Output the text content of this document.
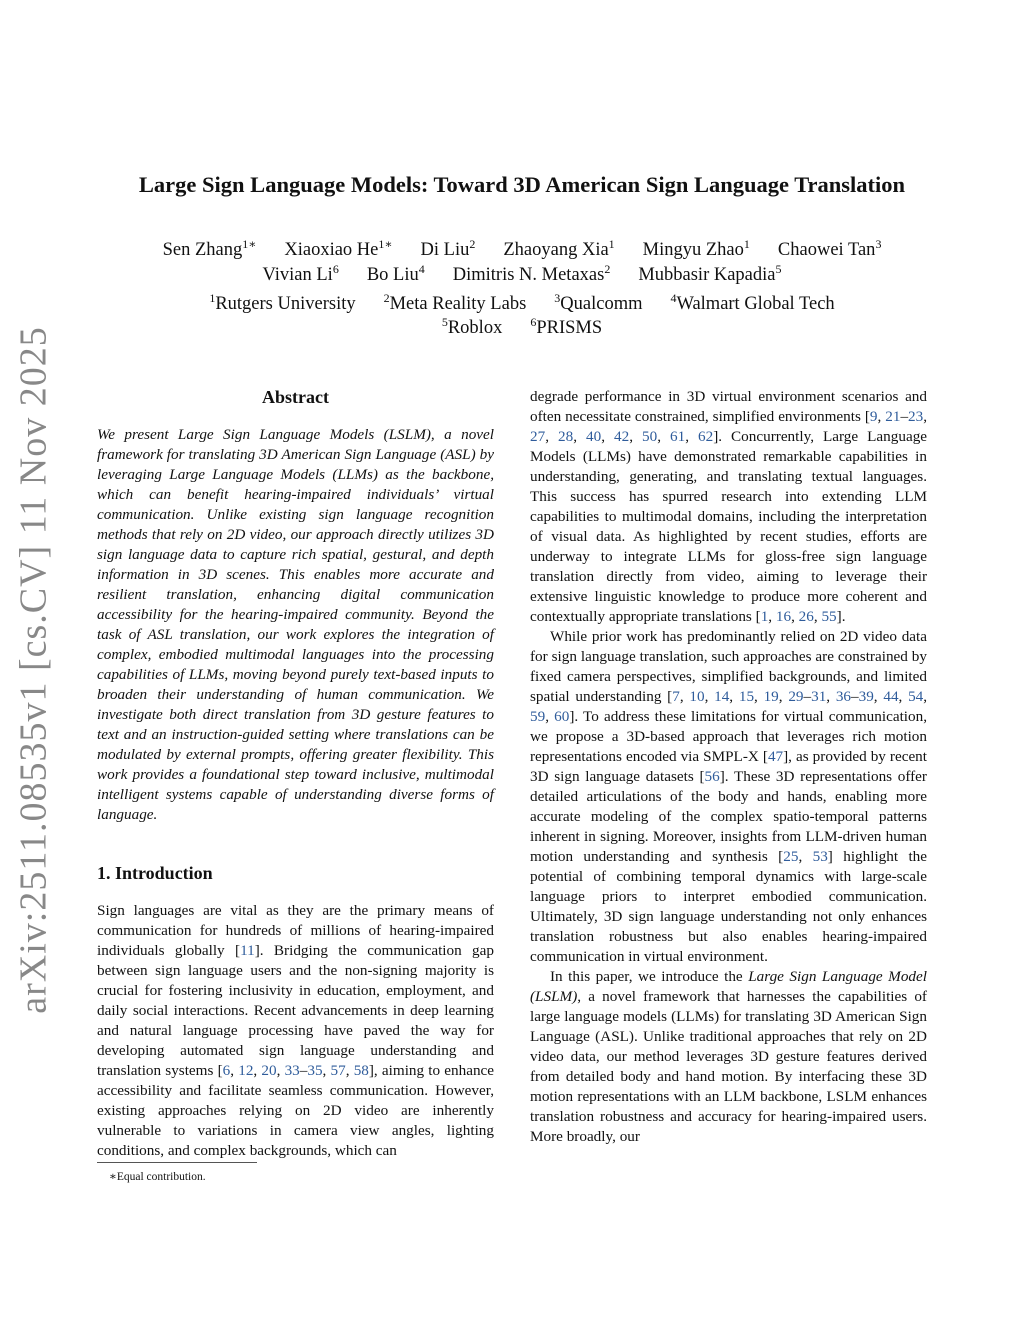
arXiv:2511.08535v1 [cs.CV] 11 Nov 2025
Large Sign Language Models: Toward 3D American Sign Language Translation
Sen Zhang$^{1∗}$ Xiaoxiao $He^{1∗}$ Di Liu$^2$ Zhaoyang Xia$^1$ Mingyu Zhao$^1$ Chaowei Tan$^3$
Vivian Li$^6$ Bo Liu$^4$ Dimitris N. Metaxas$^2$ Mubbasir Kapadia$^5$
$^1$Rutgers University $^2$Meta Reality Labs $^3$Qualcomm $^4$Walmart Global Tech
$^5$Roblox $^6$PRISMS
Abstract

We present Large Sign Language Models (LSLM), a novel framework for translating 3D American Sign Language (ASL) by leveraging Large Language Models (LLMs) as the backbone, which can benefit hearing-impaired individuals’ virtual communication. Unlike existing sign language recognition methods that rely on 2D video, our approach directly utilizes 3D sign language data to capture rich spatial, gestural, and depth information in 3D scenes. This enables more accurate and resilient translation, enhancing digital communication accessibility for the hearing-impaired community. Beyond the task of ASL translation, our work explores the integration of complex, embodied multimodal languages into the processing capabilities of LLMs, moving beyond purely text-based inputs to broaden their understanding of human communication. We investigate both direct translation from 3D gesture features to text and an instruction-guided setting where translations can be modulated by external prompts, offering greater flexibility. This work provides a foundational step toward inclusive, multimodal intelligent systems capable of understanding diverse forms of language.

1. Introduction

Sign languages are vital as they are the primary means of communication for hundreds of millions of hearing-impaired individuals globally [11]. Bridging the communication gap between sign language users and the non-signing majority is crucial for fostering inclusivity in education, employment, and daily social interactions. Recent advancements in deep learning and natural language processing have paved the way for developing automated sign language understanding and translation systems [6, 12, 20, 33–35, 57, 58], aiming to enhance accessibility and facilitate seamless communication. However, existing approaches relying on 2D video are inherently vulnerable to variations in camera view angles, lighting conditions, and complex backgrounds, which can

∗Equal contribution.

degrade performance in 3D virtual environment scenarios and often necessitate constrained, simplified environments [9, 21–23, 27, 28, 40, 42, 50, 61, 62]. Concurrently, Large Language Models (LLMs) have demonstrated remarkable capabilities in understanding, generating, and translating textual languages. This success has spurred research into extending LLM capabilities to multimodal domains, including the interpretation of visual data. As highlighted by recent studies, efforts are underway to integrate LLMs for gloss-free sign language translation directly from video, aiming to leverage their extensive linguistic knowledge to produce more coherent and contextually appropriate translations [1, 16, 26, 55].

While prior work has predominantly relied on 2D video data for sign language translation, such approaches are constrained by fixed camera perspectives, simplified backgrounds, and limited spatial understanding [7, 10, 14, 15, 19, 29–31, 36–39, 44, 54, 59, 60]. To address these limitations for virtual communication, we propose a 3D-based approach that leverages rich motion representations encoded via SMPL-X [47], as provided by recent 3D sign language datasets [56]. These 3D representations offer detailed articulations of the body and hands, enabling more accurate modeling of the complex spatio-temporal patterns inherent in signing. Moreover, insights from LLM-driven human motion understanding and synthesis [25, 53] highlight the potential of combining temporal dynamics with large-scale language priors to interpret embodied communication. Ultimately, 3D sign language understanding not only enhances translation robustness but also enables hearing-impaired communication in virtual environment.

In this paper, we introduce the Large Sign Language Model (LSLM), a novel framework that harnesses the capabilities of large language models (LLMs) for translating 3D American Sign Language (ASL). Unlike traditional approaches that rely on 2D video data, our method leverages 3D gesture features derived from detailed body and hand motion. By interfacing these 3D motion representations with an LLM backbone, LSLM enhances translation robustness and accuracy for hearing-impaired users. More broadly, our
